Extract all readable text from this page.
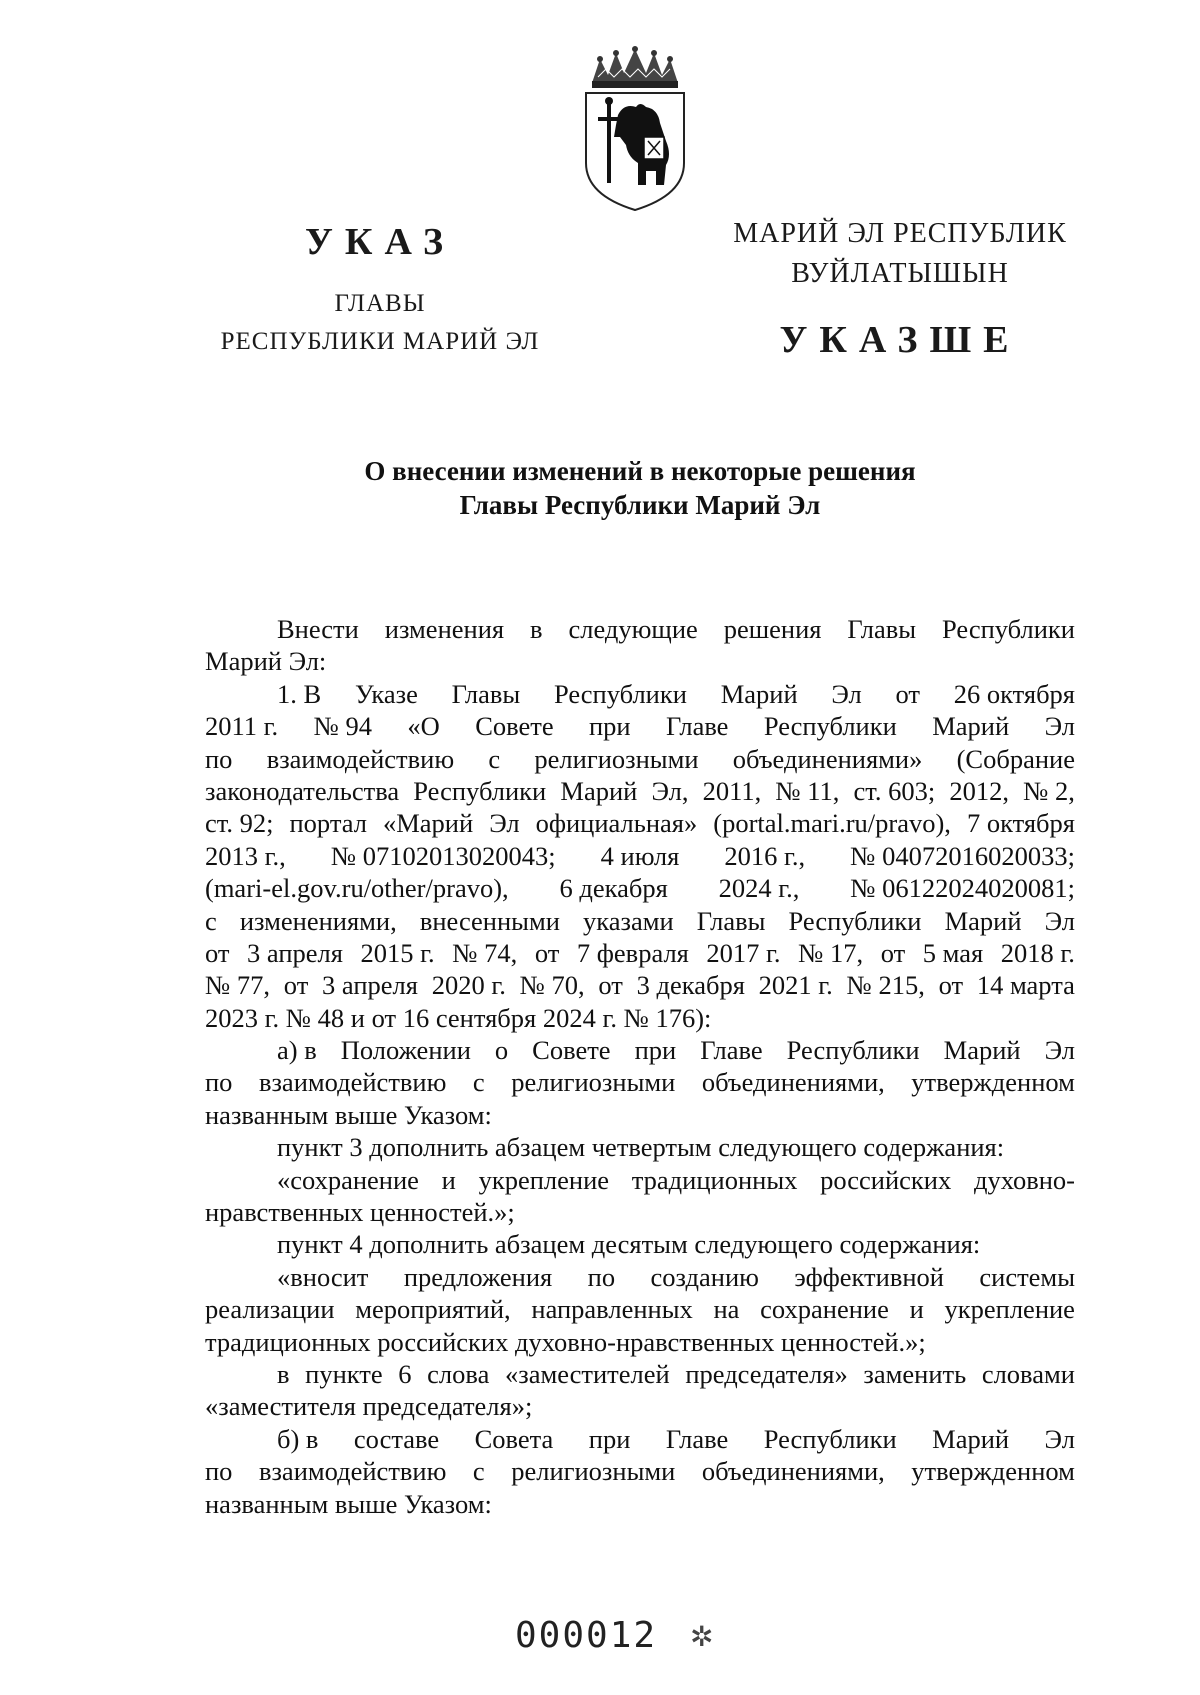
УКАЗ
ГЛАВЫ
РЕСПУБЛИКИ МАРИЙ ЭЛ
МАРИЙ ЭЛ РЕСПУБЛИК
ВУЙЛАТЫШЫН
УКАЗШЕ
О внесении изменений в некоторые решения
Главы Республики Марий Эл
Внести изменения в следующие решения Главы Республики
Марий Эл:
1. В Указе Главы Республики Марий Эл от 26 октября
2011 г. № 94 «О Совете при Главе Республики Марий Эл
по взаимодействию с религиозными объединениями» (Собрание
законодательства Республики Марий Эл, 2011, № 11, ст. 603; 2012, № 2,
ст. 92; портал «Марий Эл официальная» (portal.mari.ru/pravo), 7 октября
2013 г., № 07102013020043; 4 июля 2016 г., № 04072016020033;
(mari-el.gov.ru/other/pravo), 6 декабря 2024 г., № 06122024020081;
с изменениями, внесенными указами Главы Республики Марий Эл
от 3 апреля 2015 г. № 74, от 7 февраля 2017 г. № 17, от 5 мая 2018 г.
№ 77, от 3 апреля 2020 г. № 70, от 3 декабря 2021 г. № 215, от 14 марта
2023 г. № 48 и от 16 сентября 2024 г. № 176):
а) в Положении о Совете при Главе Республики Марий Эл
по взаимодействию с религиозными объединениями, утвержденном
названным выше Указом:
пункт 3 дополнить абзацем четвертым следующего содержания:
«сохранение и укрепление традиционных российских духовно-
нравственных ценностей.»;
пункт 4 дополнить абзацем десятым следующего содержания:
«вносит предложения по созданию эффективной системы
реализации мероприятий, направленных на сохранение и укрепление
традиционных российских духовно-нравственных ценностей.»;
в пункте 6 слова «заместителей председателя» заменить словами
«заместителя председателя»;
б) в составе Совета при Главе Республики Марий Эл
по взаимодействию с религиозными объединениями, утвержденном
названным выше Указом:
000012 ✲
